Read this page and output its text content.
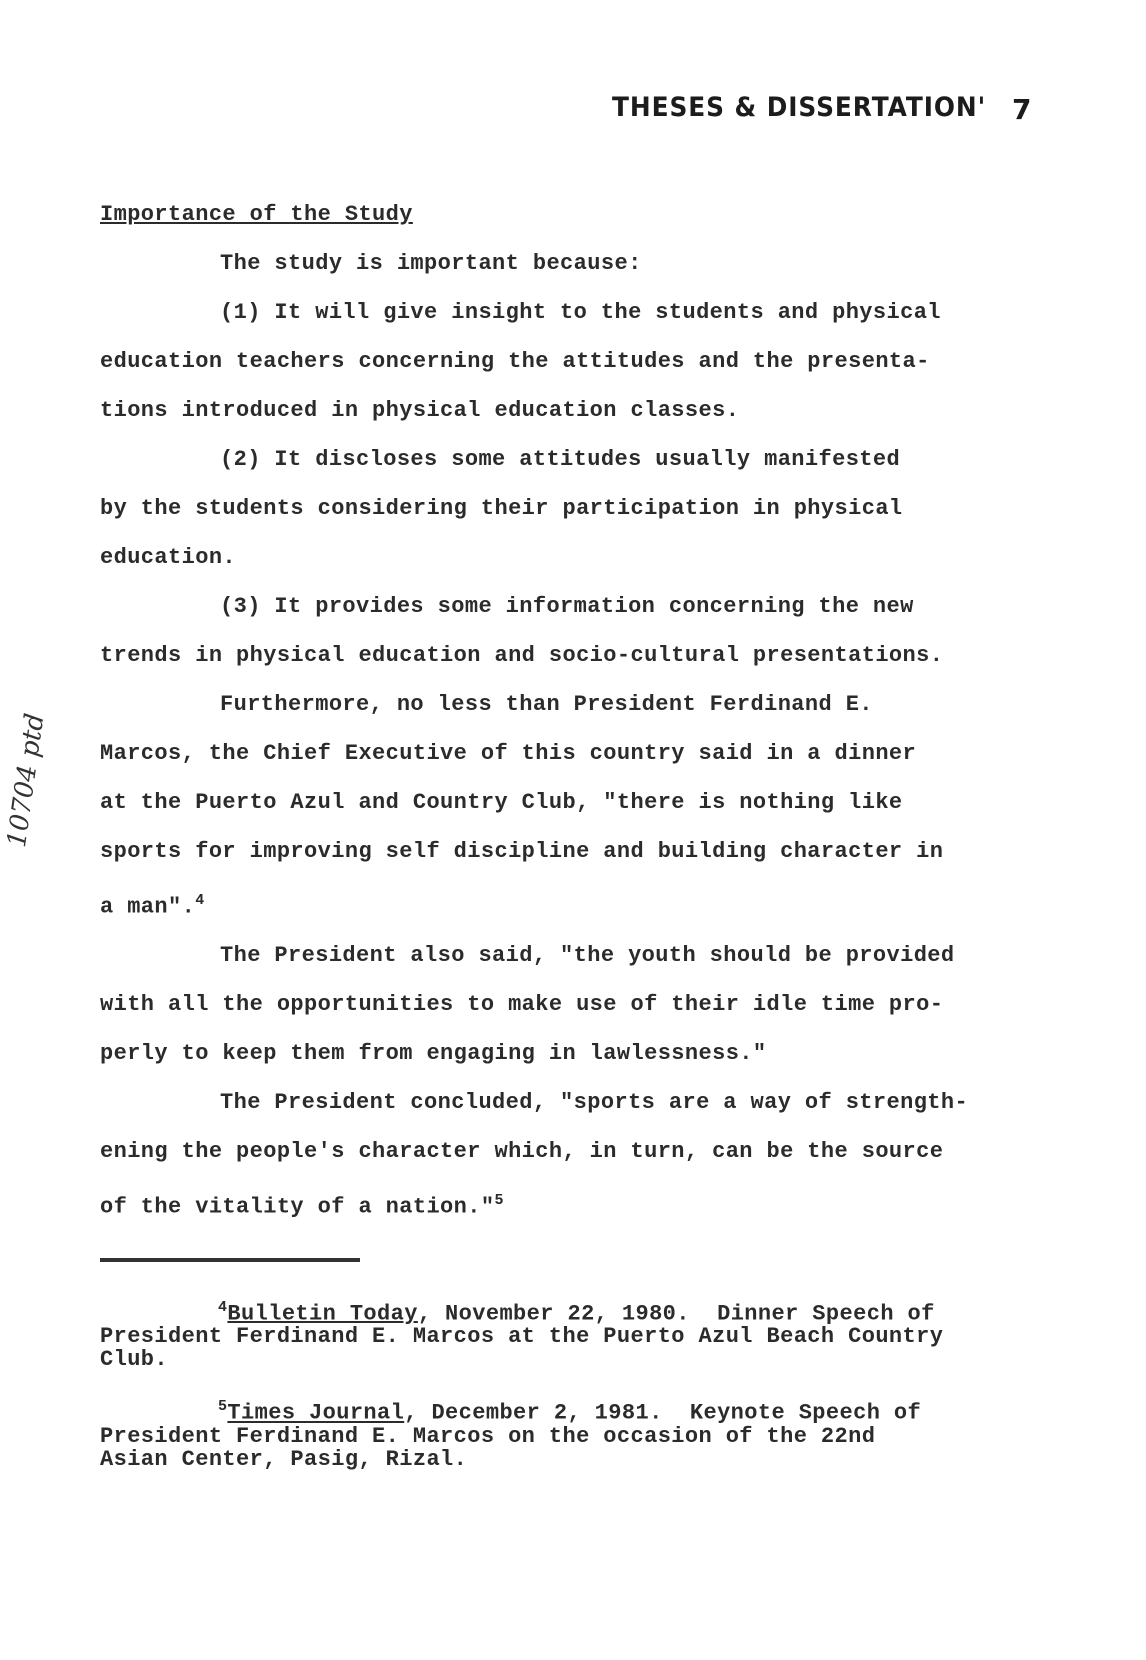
THESES & DISSERTATION' 7
10704 ptd

Importance of the Study

The study is important because:

(1) It will give insight to the students and physical

education teachers concerning the attitudes and the presenta-

tions introduced in physical education classes.

(2) It discloses some attitudes usually manifested

by the students considering their participation in physical

education.

(3) It provides some information concerning the new

trends in physical education and socio-cultural presentations.

Furthermore, no less than President Ferdinand E.

Marcos, the Chief Executive of this country said in a dinner

at the Puerto Azul and Country Club, "there is nothing like

sports for improving self discipline and building character in

a man".$^4$

The President also said, "the youth should be provided

with all the opportunities to make use of their idle time pro-

perly to keep them from engaging in lawlessness."

The President concluded, "sports are a way of strength-

ening the people's character which, in turn, can be the source

of the vitality of a nation."$^5$

$^4$Bulletin Today, November 22, 1980.  Dinner Speech of
President Ferdinand E. Marcos at the Puerto Azul Beach Country
Club.

$^5$Times Journal, December 2, 1981.  Keynote Speech of
President Ferdinand E. Marcos on the occasion of the 22nd
Asian Center, Pasig, Rizal.
